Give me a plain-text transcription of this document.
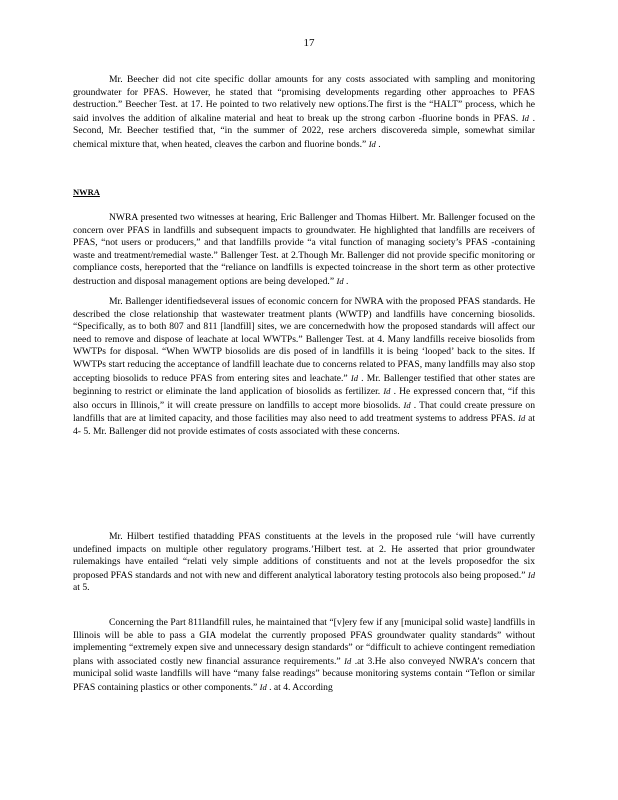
17

Mr. Beecher did not cite specific dollar amounts for any costs associated with sampling and monitoring groundwater for PFAS. However, he stated that “promising developments regarding other approaches to PFAS destruction.” Beecher Test. at 17. He pointed to two relatively new options.The first is the “HALT” process, which he said involves the addition of alkaline material and heat to break up the strong carbon -fluorine bonds in PFAS. Id . Second, Mr. Beecher testified that, “in the summer of 2022, rese archers discovereda simple, somewhat similar chemical mixture that, when heated, cleaves the carbon and fluorine bonds.” Id .

NWRA

NWRA presented two witnesses at hearing, Eric Ballenger and Thomas Hilbert. Mr. Ballenger focused on the concern over PFAS in landfills and subsequent impacts to groundwater. He highlighted that landfills are receivers of PFAS, “not users or producers,” and that landfills provide “a vital function of managing society’s PFAS -containing waste and treatment/remedial waste.” Ballenger Test. at 2.Though Mr. Ballenger did not provide specific monitoring or compliance costs, hereported that the “reliance on landfills is expected toincrease in the short term as other protective destruction and disposal management options are being developed.” Id .

Mr. Ballenger identifiedseveral issues of economic concern for NWRA with the proposed PFAS standards. He described the close relationship that wastewater treatment plants (WWTP) and landfills have concerning biosolids. “Specifically, as to both 807 and 811 [landfill] sites, we are concernedwith how the proposed standards will affect our need to remove and dispose of leachate at local WWTPs.” Ballenger Test. at 4. Many landfills receive biosolids from WWTPs for disposal. “When WWTP biosolids are dis posed of in landfills it is being ‘looped’ back to the sites. If WWTPs start reducing the acceptance of landfill leachate due to concerns related to PFAS, many landfills may also stop accepting biosolids to reduce PFAS from entering sites and leachate.” Id . Mr. Ballenger testified that other states are beginning to restrict or eliminate the land application of biosolids as fertilizer. Id . He expressed concern that, “if this also occurs in Illinois,” it will create pressure on landfills to accept more biosolids. Id . That could create pressure on landfills that are at limited capacity, and those facilities may also need to add treatment systems to address PFAS. Id at 4- 5. Mr. Ballenger did not provide estimates of costs associated with these concerns.

Mr. Hilbert testified thatadding PFAS constituents at the levels in the proposed rule ‘will have currently undefined impacts on multiple other regulatory programs.’Hilbert test. at 2. He asserted that prior groundwater rulemakings have entailed “relati vely simple additions of constituents and not at the levels proposedfor the six proposed PFAS standards and not with new and different analytical laboratory testing protocols also being proposed.” Id at 5.

Concerning the Part 811landfill rules, he maintained that “[v]ery few if any [municipal solid waste] landfills in Illinois will be able to pass a GIA modelat the currently proposed PFAS groundwater quality standards” without implementing “extremely expen sive and unnecessary design standards” or “difficult to achieve contingent remediation plans with associated costly new financial assurance requirements.” Id .at 3.He also conveyed NWRA’s concern that municipal solid waste landfills will have “many false readings” because monitoring systems contain “Teflon or similar PFAS containing plastics or other components.” Id . at 4. According
